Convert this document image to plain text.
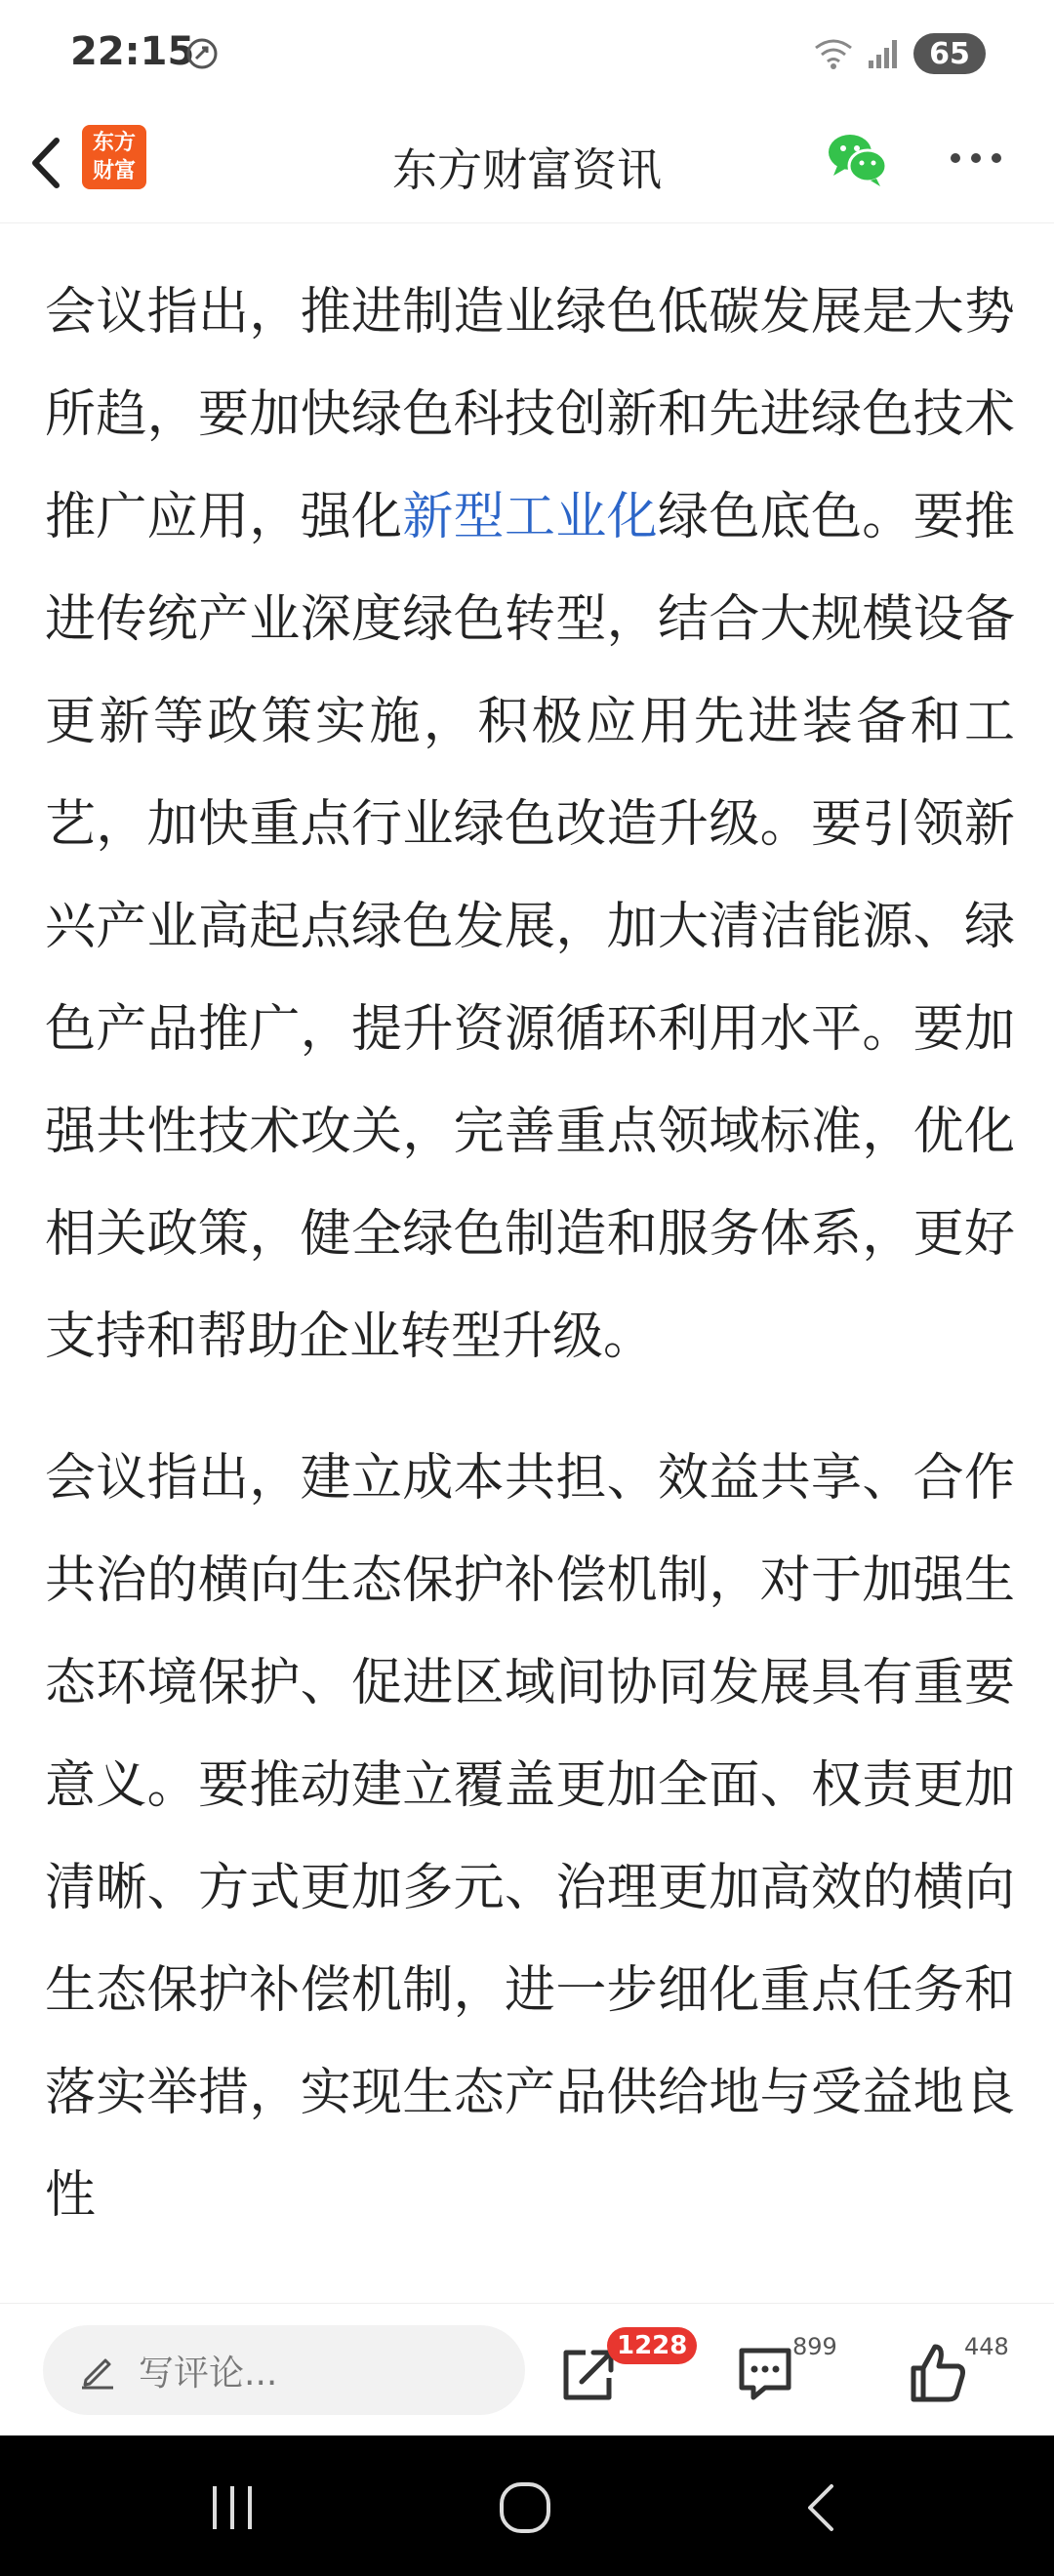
22:15	65
东方
财富	东方财富资讯

会议指出，推进制造业绿色低碳发展是大势所趋，要加快绿色科技创新和先进绿色技术推广应用，强化新型工业化绿色底色。要推进传统产业深度绿色转型，结合大规模设备更新等政策实施，积极应用先进装备和工艺，加快重点行业绿色改造升级。要引领新兴产业高起点绿色发展，加大清洁能源、绿色产品推广，提升资源循环利用水平。要加强共性技术攻关，完善重点领域标准，优化相关政策，健全绿色制造和服务体系，更好支持和帮助企业转型升级。

会议指出，建立成本共担、效益共享、合作共治的横向生态保护补偿机制，对于加强生态环境保护、促进区域间协同发展具有重要意义。要推动建立覆盖更加全面、权责更加清晰、方式更加多元、治理更加高效的横向生态保护补偿机制，进一步细化重点任务和落实举措，实现生态产品供给地与受益地良性

写评论...
1228	899	448
